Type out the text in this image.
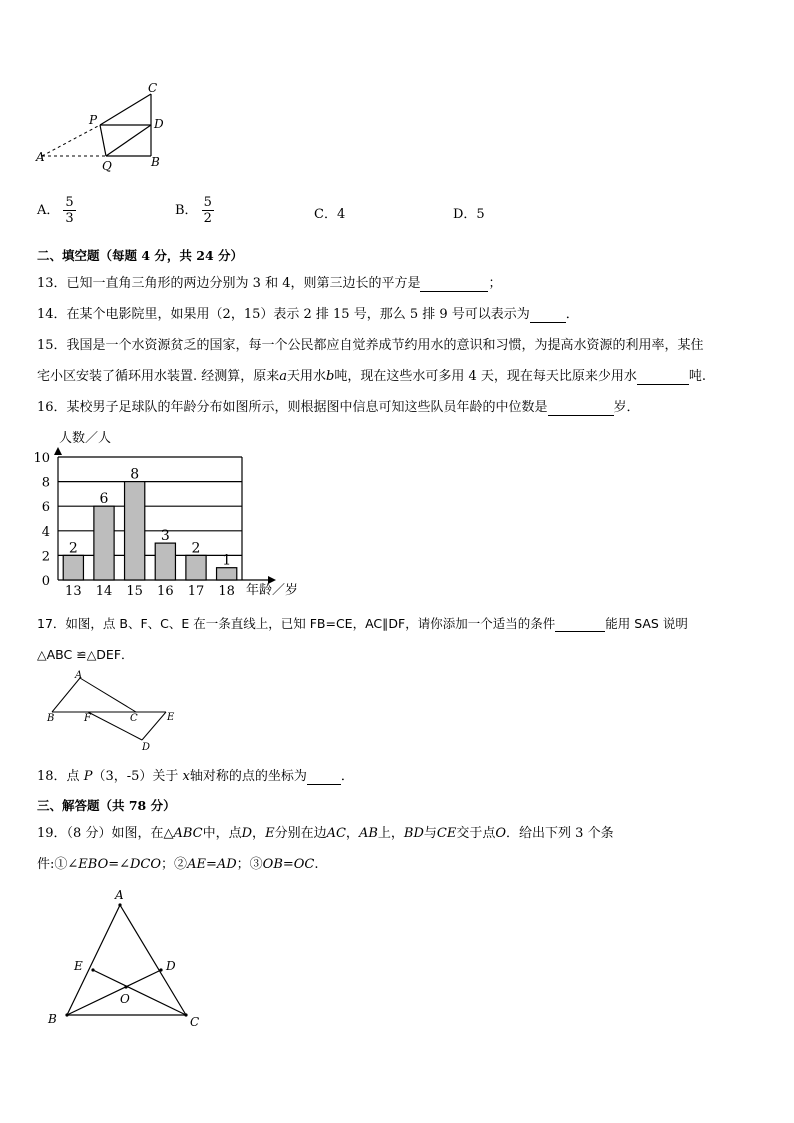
C
P	D
A
Q	B
A． $\frac{5}{3}$	B． $\frac{5}{2}$	C．4	D．5
二、填空题（每题 4 分，共 24 分）
13．已知一直角三角形的两边分别为 3 和 4，则第三边长的平方是	；
14．在某个电影院里，如果用（2，15）表示 2 排 15 号，那么 5 排 9 号可以表示为	．
15．我国是一个水资源贫乏的国家，每一个公民都应自觉养成节约用水的意识和习惯，为提高水资源的利用率，某住
宅小区安装了循环用水装置. 经测算，原来a天用水b吨，现在这些水可多用 4 天，现在每天比原来少用水	吨.
16．某校男子足球队的年龄分布如图所示，则根据图中信息可知这些队员年龄的中位数是	岁．
人数／人
年龄／岁
0
2
4
6
8
10
2
13
6
14
8
15
3
16
2
17
1
18
17．如图，点 B、F、C、E 在一条直线上，已知 FB=CE，AC∥DF，请你添加一个适当的条件	能用 SAS 说明
△ABC ≌△DEF．
A
B	F	C	E
D
18．点 P（3，-5）关于 x轴对称的点的坐标为	．
三、解答题（共 78 分）
19．（8 分）如图，在△ABC中，点D，E分别在边AC，AB上，BD与CE交于点O．给出下列 3 个条
件:①∠EBO=∠DCO；②AE=AD；③OB=OC.
A
E	D
O
B	C
